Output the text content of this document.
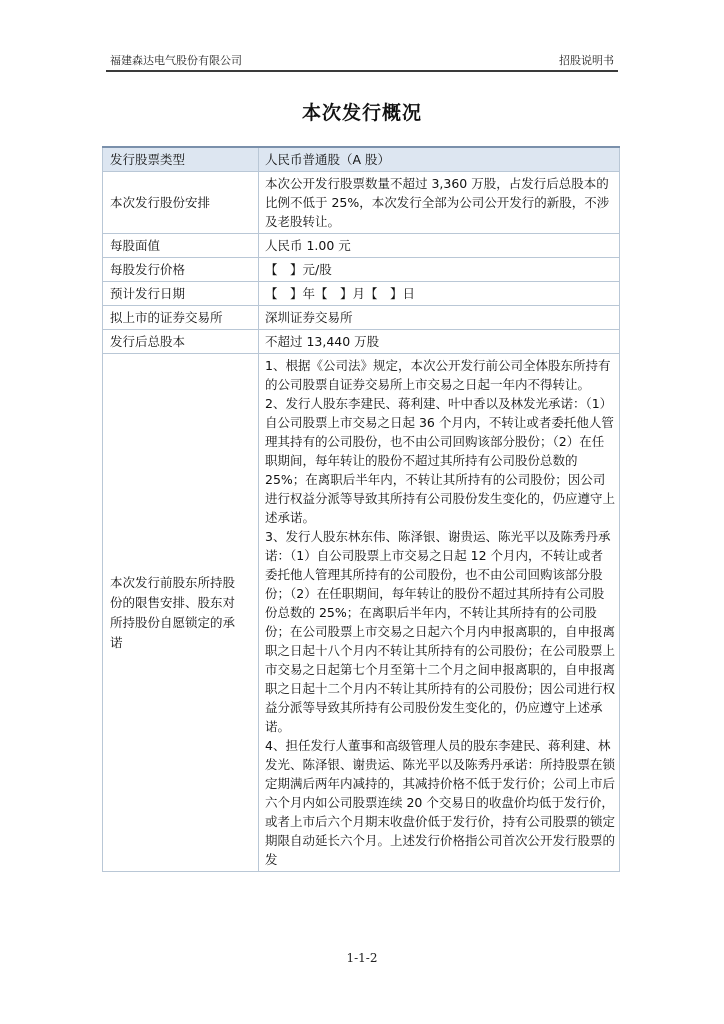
福建森达电气股份有限公司	招股说明书
本次发行概况
发行股票类型	人民币普通股（A 股）
本次发行股份安排	本次公开发行股票数量不超过 3,360 万股，占发行后总股本的比例不低于 25%，本次发行全部为公司公开发行的新股，不涉及老股转让。
每股面值	人民币 1.00 元
每股发行价格	【　】元/股
预计发行日期	【　】年【　】月【　】日
拟上市的证券交易所	深圳证券交易所
发行后总股本	不超过 13,440 万股
本次发行前股东所持股份的限售安排、股东对所持股份自愿锁定的承诺	1、根据《公司法》规定，本次公开发行前公司全体股东所持有的公司股票自证券交易所上市交易之日起一年内不得转让。
2、发行人股东李建民、蒋利建、叶中香以及林发光承诺：（1）自公司股票上市交易之日起 36 个月内，不转让或者委托他人管理其持有的公司股份，也不由公司回购该部分股份；（2）在任职期间，每年转让的股份不超过其所持有公司股份总数的 25%；在离职后半年内，不转让其所持有的公司股份；因公司进行权益分派等导致其所持有公司股份发生变化的，仍应遵守上述承诺。
3、发行人股东林东伟、陈泽银、谢贵运、陈光平以及陈秀丹承诺：（1）自公司股票上市交易之日起 12 个月内，不转让或者委托他人管理其所持有的公司股份，也不由公司回购该部分股份；（2）在任职期间，每年转让的股份不超过其所持有公司股份总数的 25%；在离职后半年内，不转让其所持有的公司股份；在公司股票上市交易之日起六个月内申报离职的，自申报离职之日起十八个月内不转让其所持有的公司股份；在公司股票上市交易之日起第七个月至第十二个月之间申报离职的，自申报离职之日起十二个月内不转让其所持有的公司股份；因公司进行权益分派等导致其所持有公司股份发生变化的，仍应遵守上述承诺。
4、担任发行人董事和高级管理人员的股东李建民、蒋利建、林发光、陈泽银、谢贵运、陈光平以及陈秀丹承诺：所持股票在锁定期满后两年内减持的，其减持价格不低于发行价；公司上市后六个月内如公司股票连续 20 个交易日的收盘价均低于发行价，或者上市后六个月期末收盘价低于发行价，持有公司股票的锁定期限自动延长六个月。上述发行价格指公司首次公开发行股票的发
1-1-2
